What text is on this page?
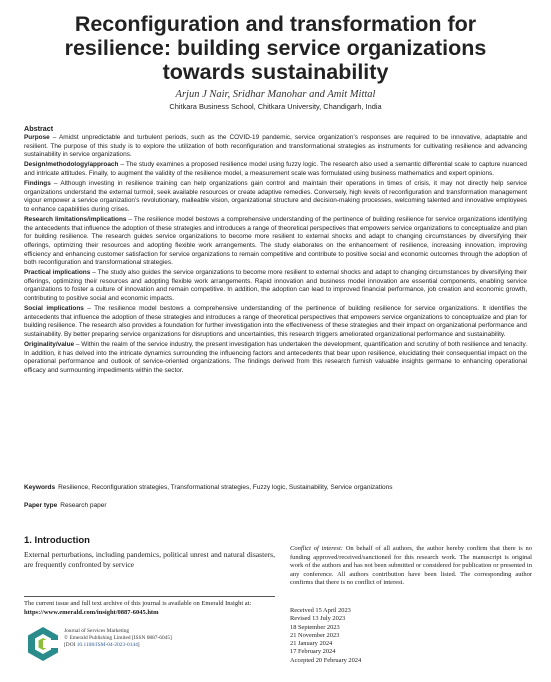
Reconfiguration and transformation for
resilience: building service organizations
towards sustainability
Arjun J Nair, Sridhar Manohar and Amit Mittal
Chitkara Business School, Chitkara University, Chandigarh, India
Abstract

Purpose – Amidst unpredictable and turbulent periods, such as the COVID-19 pandemic, service organization’s responses are required to be innovative, adaptable and resilient. The purpose of this study is to explore the utilization of both reconfiguration and transformational strategies as instruments for cultivating resilience and advancing sustainability in service organizations.

Design/methodology/approach – The study examines a proposed resilience model using fuzzy logic. The research also used a semantic differential scale to capture nuanced and intricate attitudes. Finally, to augment the validity of the resilience model, a measurement scale was formulated using business mathematics and expert opinions.

Findings – Although investing in resilience training can help organizations gain control and maintain their operations in times of crisis, it may not directly help service organizations understand the external turmoil, seek available resources or create adaptive remedies. Conversely, high levels of reconfiguration and transformation management vigour empower a service organization’s revolutionary, malleable vision, organizational structure and decision-making processes, welcoming talented and innovative employees to enhance capabilities during crises.

Research limitations/implications – The resilience model bestows a comprehensive understanding of the pertinence of building resilience for service organizations identifying the antecedents that influence the adoption of these strategies and introduces a range of theoretical perspectives that empowers service organizations to conceptualize and plan for building resilience. The research guides service organizations to become more resilient to external shocks and adapt to changing circumstances by diversifying their offerings, optimizing their resources and adopting flexible work arrangements. The study elaborates on the enhancement of resilience, increasing innovation, improving efficiency and enhancing customer satisfaction for service organizations to remain competitive and contribute to positive social and economic outcomes through the adoption of both reconfiguration and transformational strategies.

Practical implications – The study also guides the service organizations to become more resilient to external shocks and adapt to changing circumstances by diversifying their offerings, optimizing their resources and adopting flexible work arrangements. Rapid innovation and business model innovation are essential components, enabling service organizations to foster a culture of innovation and remain competitive. In addition, the adoption can lead to improved financial performance, job creation and economic growth, contributing to positive social and economic impacts.

Social implications – The resilience model bestows a comprehensive understanding of the pertinence of building resilience for service organizations. It identifies the antecedents that influence the adoption of these strategies and introduces a range of theoretical perspectives that empowers service organizations to conceptualize and plan for building resilience. The research also provides a foundation for further investigation into the effectiveness of these strategies and their impact on organizational performance and sustainability. By better preparing service organizations for disruptions and uncertainties, this research triggers ameliorated organizational performance and sustainability.

Originality/value – Within the realm of the service industry, the present investigation has undertaken the development, quantification and scrutiny of both resilience and tenacity. In addition, it has delved into the intricate dynamics surrounding the influencing factors and antecedents that bear upon resilience, elucidating their consequential impact on the operational performance and outlook of service-oriented organizations. The findings derived from this research furnish valuable insights germane to enhancing operational efficacy and surmounting impediments within the sector.

Keywords Resilience, Reconfiguration strategies, Transformational strategies, Fuzzy logic, Sustainability, Service organizations
Paper type Research paper
1. Introduction
External perturbations, including pandemics, political unrest and natural disasters, are frequently confronted by service
The current issue and full text archive of this journal is available on Emerald Insight at: https://www.emerald.com/insight/0887-6045.htm
Journal of Services Marketing
© Emerald Publishing Limited [ISSN 0887-6045]
[DOI 10.1108/JSM-04-2023-0144]
Conflict of interest: On behalf of all authors, the author hereby confirm that there is no funding approved/received/sanctioned for this research work. The manuscript is original work of the authors and has not been submitted or considered for publication or presented in any conference. All authors contribution have been listed. The corresponding author confirms that there is no conflict of interest.
Received 15 April 2023
Revised 13 July 2023
18 September 2023
21 November 2023
21 January 2024
17 February 2024
Accepted 20 February 2024
